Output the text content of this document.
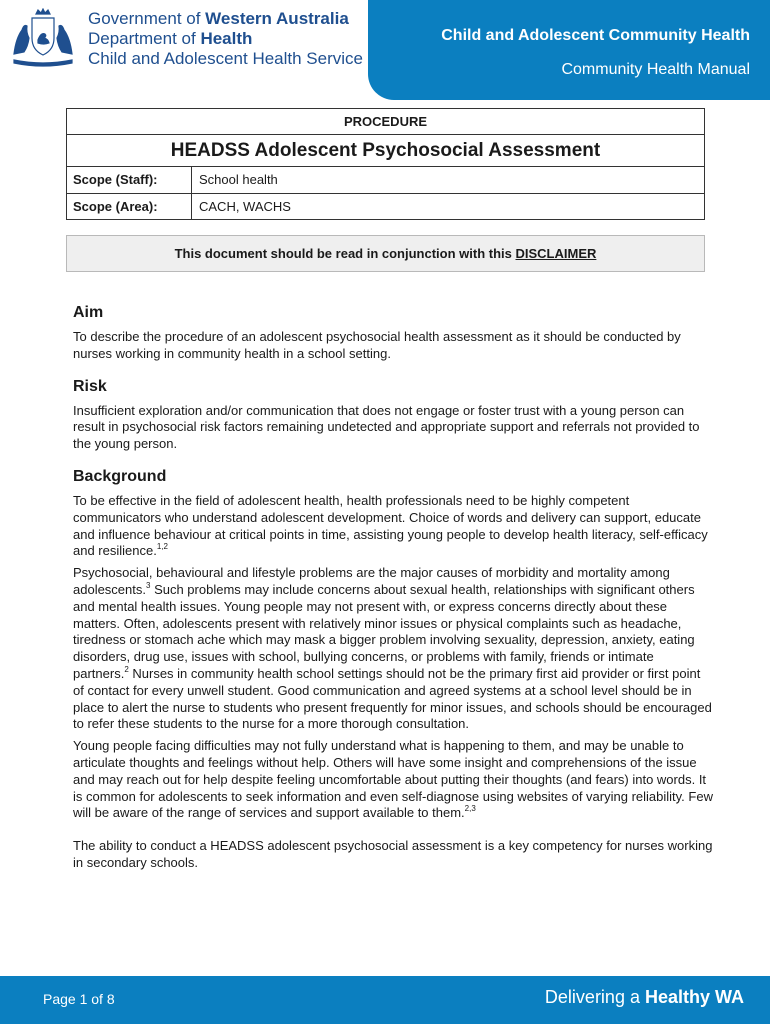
Government of Western Australia
Department of Health
Child and Adolescent Health Service
Child and Adolescent Community Health
Community Health Manual
PROCEDURE
HEADSS Adolescent Psychosocial Assessment
Scope (Staff):	School health
Scope (Area):	CACH, WACHS
This document should be read in conjunction with this DISCLAIMER
Aim

To describe the procedure of an adolescent psychosocial health assessment as it should be conducted by nurses working in community health in a school setting.

Risk

Insufficient exploration and/or communication that does not engage or foster trust with a young person can result in psychosocial risk factors remaining undetected and appropriate support and referrals not provided to the young person.

Background

To be effective in the field of adolescent health, health professionals need to be highly competent communicators who understand adolescent development. Choice of words and delivery can support, educate and influence behaviour at critical points in time, assisting young people to develop health literacy, self-efficacy and resilience.$^{1,2}$

Psychosocial, behavioural and lifestyle problems are the major causes of morbidity and mortality among adolescents.$^3$ Such problems may include concerns about sexual health, relationships with significant others and mental health issues. Young people may not present with, or express concerns directly about these matters. Often, adolescents present with relatively minor issues or physical complaints such as headache, tiredness or stomach ache which may mask a bigger problem involving sexuality, depression, anxiety, eating disorders, drug use, issues with school, bullying concerns, or problems with family, friends or intimate partners.$^2$ Nurses in community health school settings should not be the primary first aid provider or first point of contact for every unwell student. Good communication and agreed systems at a school level should be in place to alert the nurse to students who present frequently for minor issues, and schools should be encouraged to refer these students to the nurse for a more thorough consultation.

Young people facing difficulties may not fully understand what is happening to them, and may be unable to articulate thoughts and feelings without help. Others will have some insight and comprehensions of the issue and may reach out for help despite feeling uncomfortable about putting their thoughts (and fears) into words. It is common for adolescents to seek information and even self-diagnose using websites of varying reliability. Few will be aware of the range of services and support available to them.$^{2,3}$

The ability to conduct a HEADSS adolescent psychosocial assessment is a key competency for nurses working in secondary schools.

Page 1 of 8	Delivering a Healthy WA
